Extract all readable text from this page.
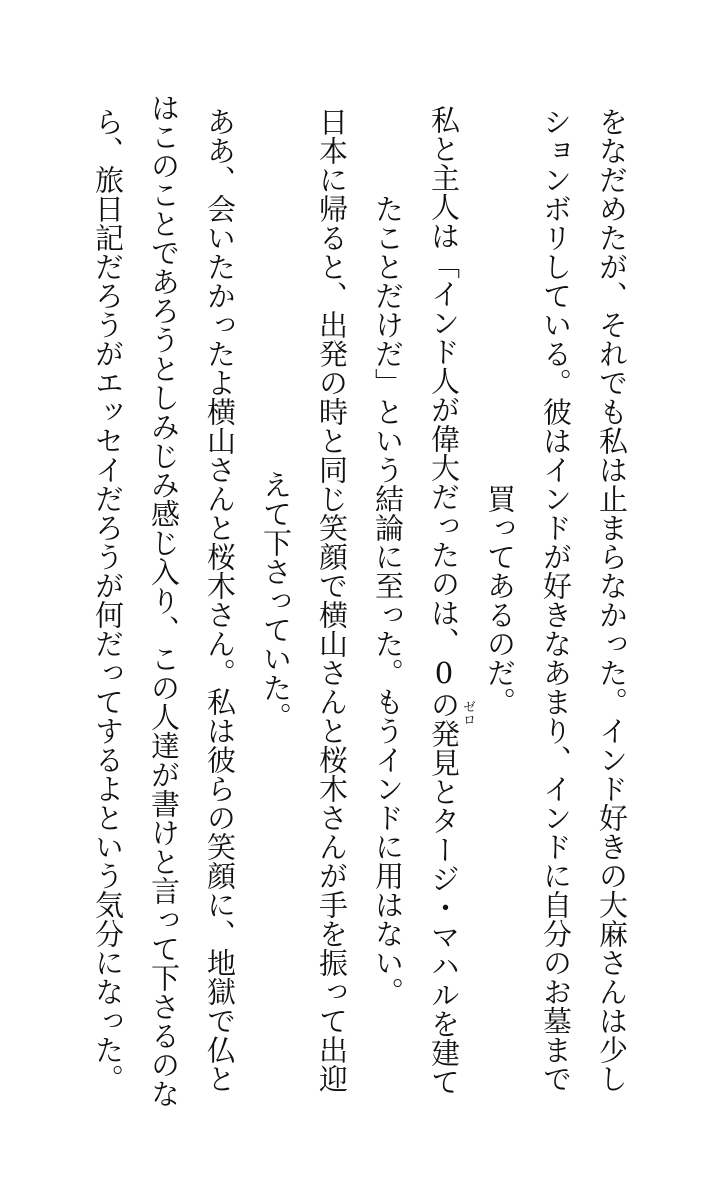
をなだめたが、それでも私は止まらなかった。インド好きの大麻さんは少し
ションボリしている。彼はインドが好きなあまり、インドに自分のお墓まで
買ってあるのだ。
私と主人は「インド人が偉大だったのは、0の発見とタージ・マハルを建て
たことだけだ」という結論に至った。もうインドに用はない。
日本に帰ると、出発の時と同じ笑顔で横山さんと桜木さんが手を振って出迎
えて下さっていた。
ああ、会いたかったよ横山さんと桜木さん。私は彼らの笑顔に、地獄で仏と
はこのことであろうとしみじみ感じ入り、この人達が書けと言って下さるのな
ら、旅日記だろうがエッセイだろうが何だってするよという気分になった。	ゼロ
